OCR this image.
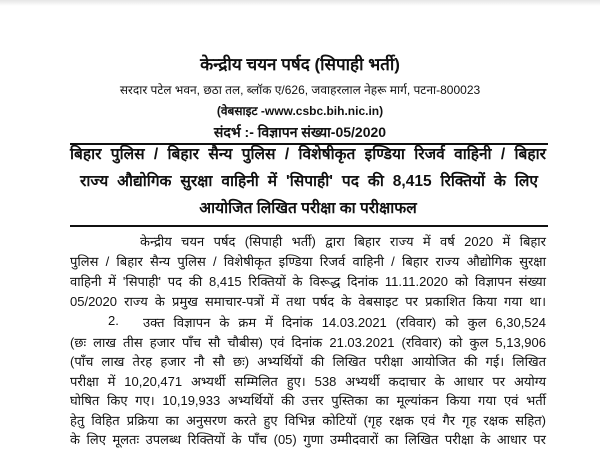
केन्द्रीय चयन पर्षद (सिपाही भर्ती)
सरदार पटेल भवन, छठा तल, ब्लॉक ए/626, जवाहरलाल नेहरू मार्ग, पटना-800023
(वेबसाइट -www.csbc.bih.nic.in)
संदर्भ :- विज्ञापन संख्या-05/2020
बिहार पुलिस / बिहार सैन्य पुलिस / विशेषीकृत इण्डिया रिजर्व वाहिनी / बिहार
राज्य औद्योगिक सुरक्षा वाहिनी में 'सिपाही' पद की 8,415 रिक्तियों के लिए
आयोजित लिखित परीक्षा का परीक्षाफल
केन्द्रीय चयन पर्षद (सिपाही भर्ती) द्वारा बिहार राज्य में वर्ष 2020 में बिहार
पुलिस / बिहार सैन्य पुलिस / विशेषीकृत इण्डिया रिजर्व वाहिनी / बिहार राज्य औद्योगिक सुरक्षा
वाहिनी में 'सिपाही' पद की 8,415 रिक्तियों के विरूद्ध दिनांक 11.11.2020 को विज्ञापन संख्या
05/2020 राज्य के प्रमुख समाचार-पत्रों में तथा पर्षद के वेबसाइट पर प्रकाशित किया गया था।
2. उक्त विज्ञापन के क्रम में दिनांक 14.03.2021 (रविवार) को कुल 6,30,524
(छः लाख तीस हजार पाँच सौ चौबीस) एवं दिनांक 21.03.2021 (रविवार) को कुल 5,13,906
(पाँच लाख तेरह हजार नौ सौ छः) अभ्यर्थियों की लिखित परीक्षा आयोजित की गई। लिखित
परीक्षा में 10,20,471 अभ्यर्थी सम्मिलित हुए। 538 अभ्यर्थी कदाचार के आधार पर अयोग्य
घोषित किए गए। 10,19,933 अभ्यर्थियों की उत्तर पुस्तिका का मूल्यांकन किया गया एवं भर्ती
हेतु विहित प्रक्रिया का अनुसरण करते हुए विभिन्न कोटियों (गृह रक्षक एवं गैर गृह रक्षक सहित)
के लिए मूलतः उपलब्ध रिक्तियों के पाँच (05) गुणा उम्मीदवारों का लिखित परीक्षा के आधार पर
